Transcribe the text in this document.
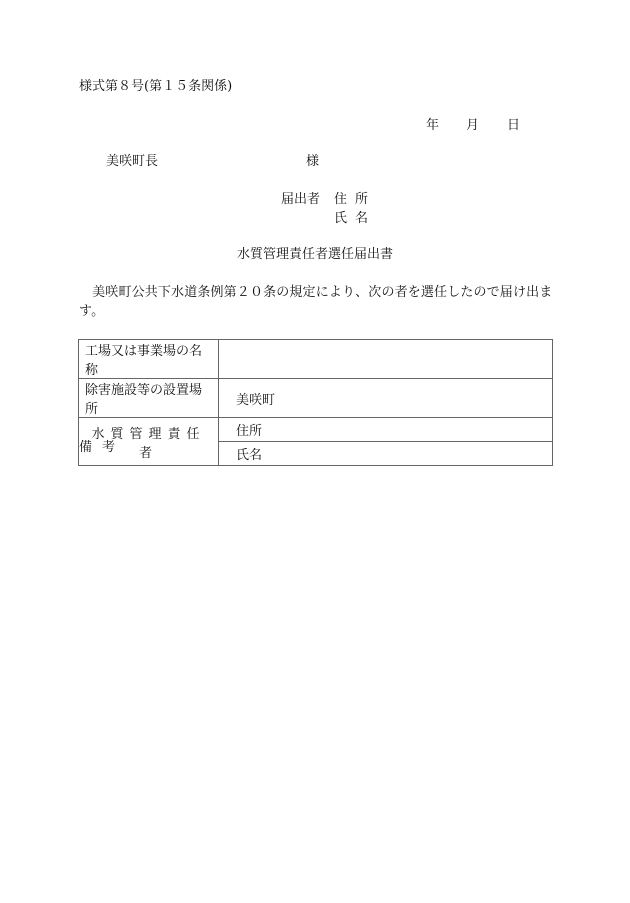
様式第８号(第１５条関係)
年 月 日
美咲町長	様
届出者 住所
氏名
水質管理責任者選任届出書
　美咲町公共下水道条例第２０条の規定により、次の者を選任したので届け出ます。
工場又は事業場の名称	
除害施設等の設置場所	美咲町
水質管理責任者	住所
	氏名
備考
